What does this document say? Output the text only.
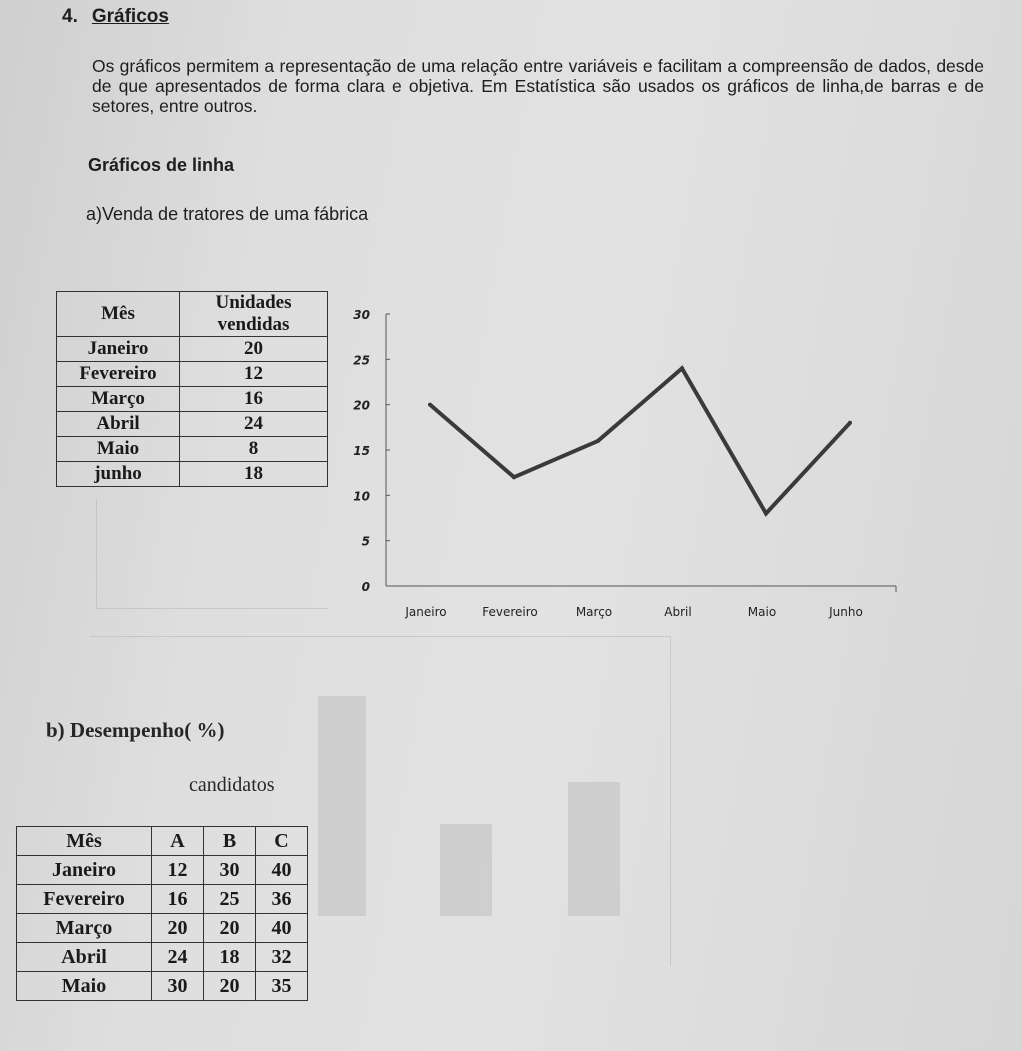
4. Gráficos
Os gráficos permitem a representação de uma relação entre variáveis e facilitam a compreensão de dados, desde de que apresentados de forma clara e objetiva. Em Estatística são usados os gráficos de linha,de barras e de setores, entre outros.
Gráficos de linha
a)Venda de tratores de uma fábrica
Mês	Unidades vendidas
Janeiro	20
Fevereiro	12
Março	16
Abril	24
Maio	8
junho	18
0
5
10
15
20
25
30
Janeiro	Fevereiro	Março	Abril	Maio	Junho
b) Desempenho( %)
candidatos
Mês	A	B	C
Janeiro	12	30	40
Fevereiro	16	25	36
Março	20	20	40
Abril	24	18	32
Maio	30	20	35
